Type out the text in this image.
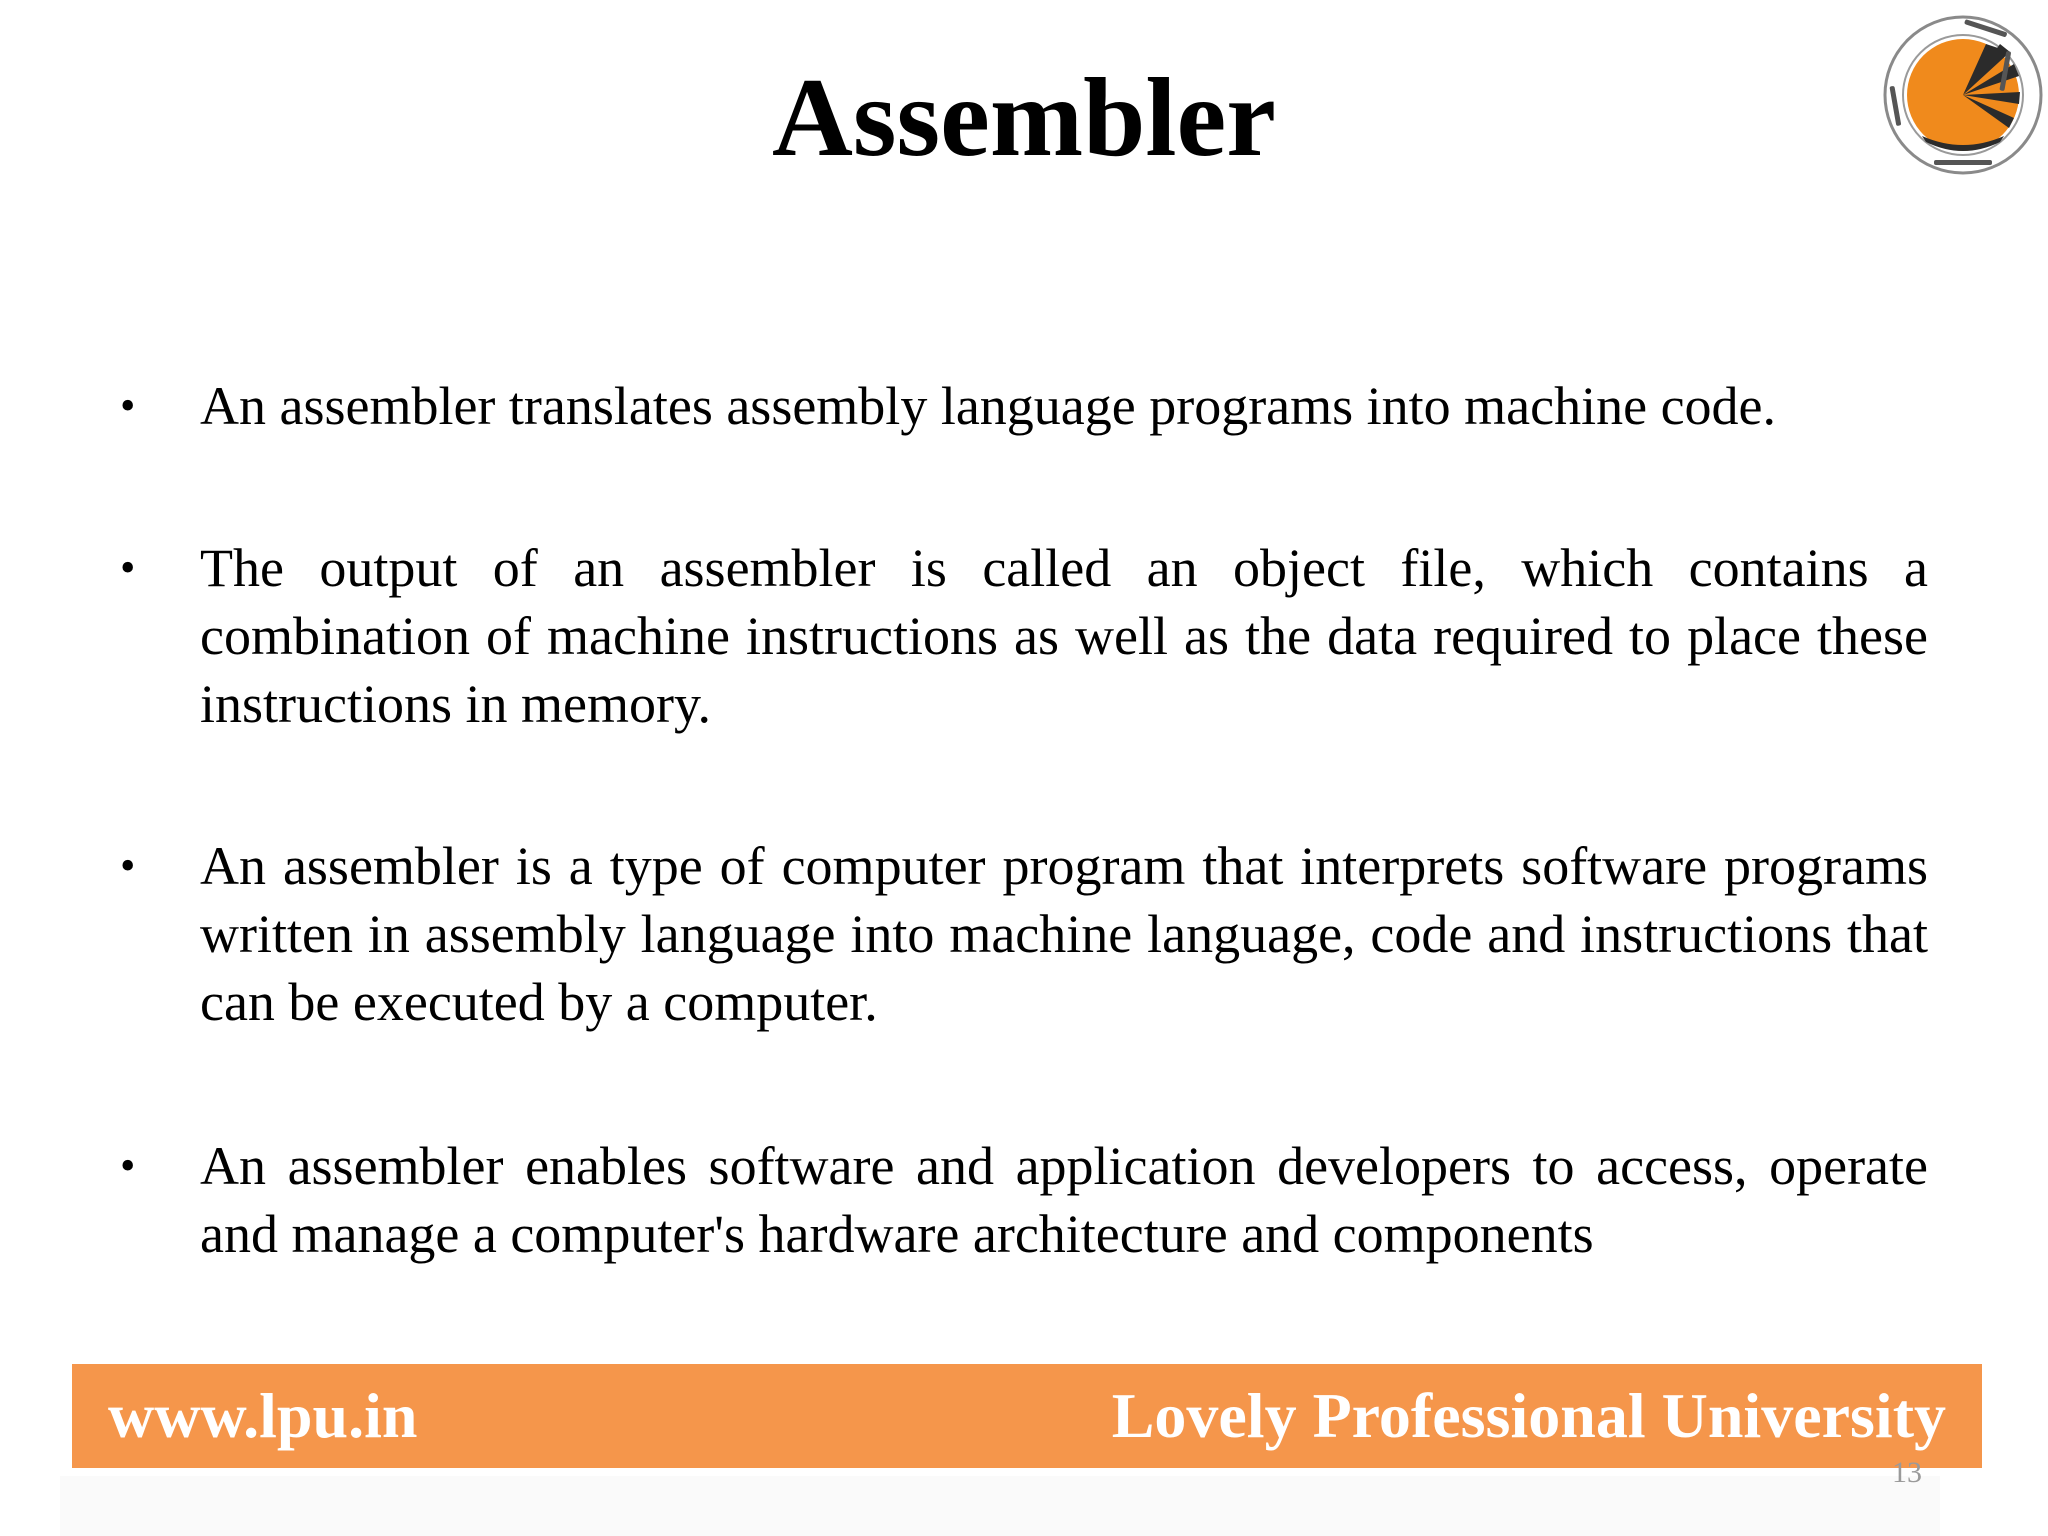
Assembler
• An assembler translates assembly language programs into machine code.
• The output of an assembler is called an object file, which contains a combination of machine instructions as well as the data required to place these instructions in memory.
• An assembler is a type of computer program that interprets software programs written in assembly language into machine language, code and instructions that can be executed by a computer.
• An assembler enables software and application developers to access, operate and manage a computer's hardware architecture and components
www.lpu.in	Lovely Professional University
13
